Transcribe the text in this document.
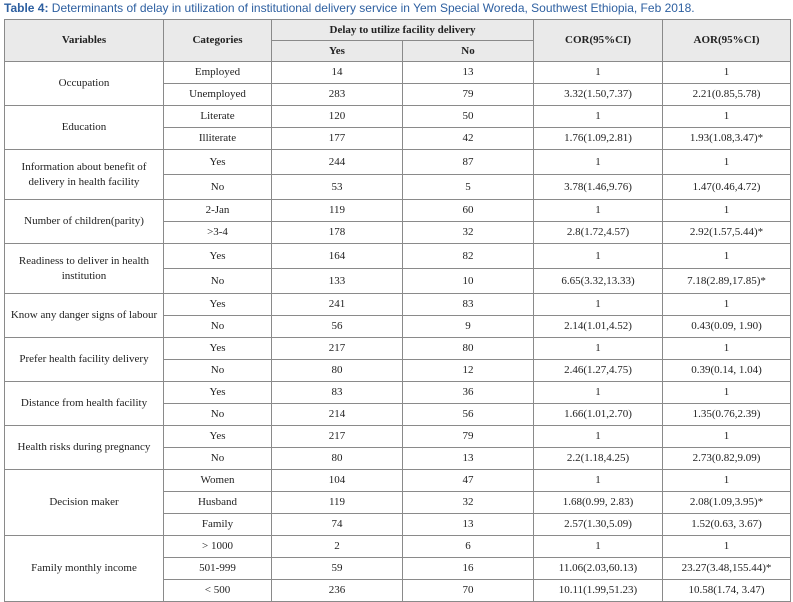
Table 4: Determinants of delay in utilization of institutional delivery service in Yem Special Woreda, Southwest Ethiopia, Feb 2018.
Variables	Categories	Delay to utilize facility delivery		COR(95%CI)	AOR(95%CI)
		Yes	No		
Occupation	Employed	14	13	1	1
	Unemployed	283	79	3.32(1.50,7.37)	2.21(0.85,5.78)
Education	Literate	120	50	1	1
	Illiterate	177	42	1.76(1.09,2.81)	1.93(1.08,3.47)*
Information about benefit of delivery in health facility	Yes	244	87	1	1
	No	53	5	3.78(1.46,9.76)	1.47(0.46,4.72)
Number of children(parity)	2-Jan	119	60	1	1
	>3-4	178	32	2.8(1.72,4.57)	2.92(1.57,5.44)*
Readiness to deliver in health institution	Yes	164	82	1	1
	No	133	10	6.65(3.32,13.33)	7.18(2.89,17.85)*
Know any danger signs of labour	Yes	241	83	1	1
	No	56	9	2.14(1.01,4.52)	0.43(0.09, 1.90)
Prefer health facility delivery	Yes	217	80	1	1
	No	80	12	2.46(1.27,4.75)	0.39(0.14, 1.04)
Distance from health facility	Yes	83	36	1	1
	No	214	56	1.66(1.01,2.70)	1.35(0.76,2.39)
Health risks during pregnancy	Yes	217	79	1	1
	No	80	13	2.2(1.18,4.25)	2.73(0.82,9.09)
Decision maker	Women	104	47	1	1
	Husband	119	32	1.68(0.99, 2.83)	2.08(1.09,3.95)*
	Family	74	13	2.57(1.30,5.09)	1.52(0.63, 3.67)
Family monthly income	> 1000	2	6	1	1
	501-999	59	16	11.06(2.03,60.13)	23.27(3.48,155.44)*
	< 500	236	70	10.11(1.99,51.23)	10.58(1.74, 3.47)
